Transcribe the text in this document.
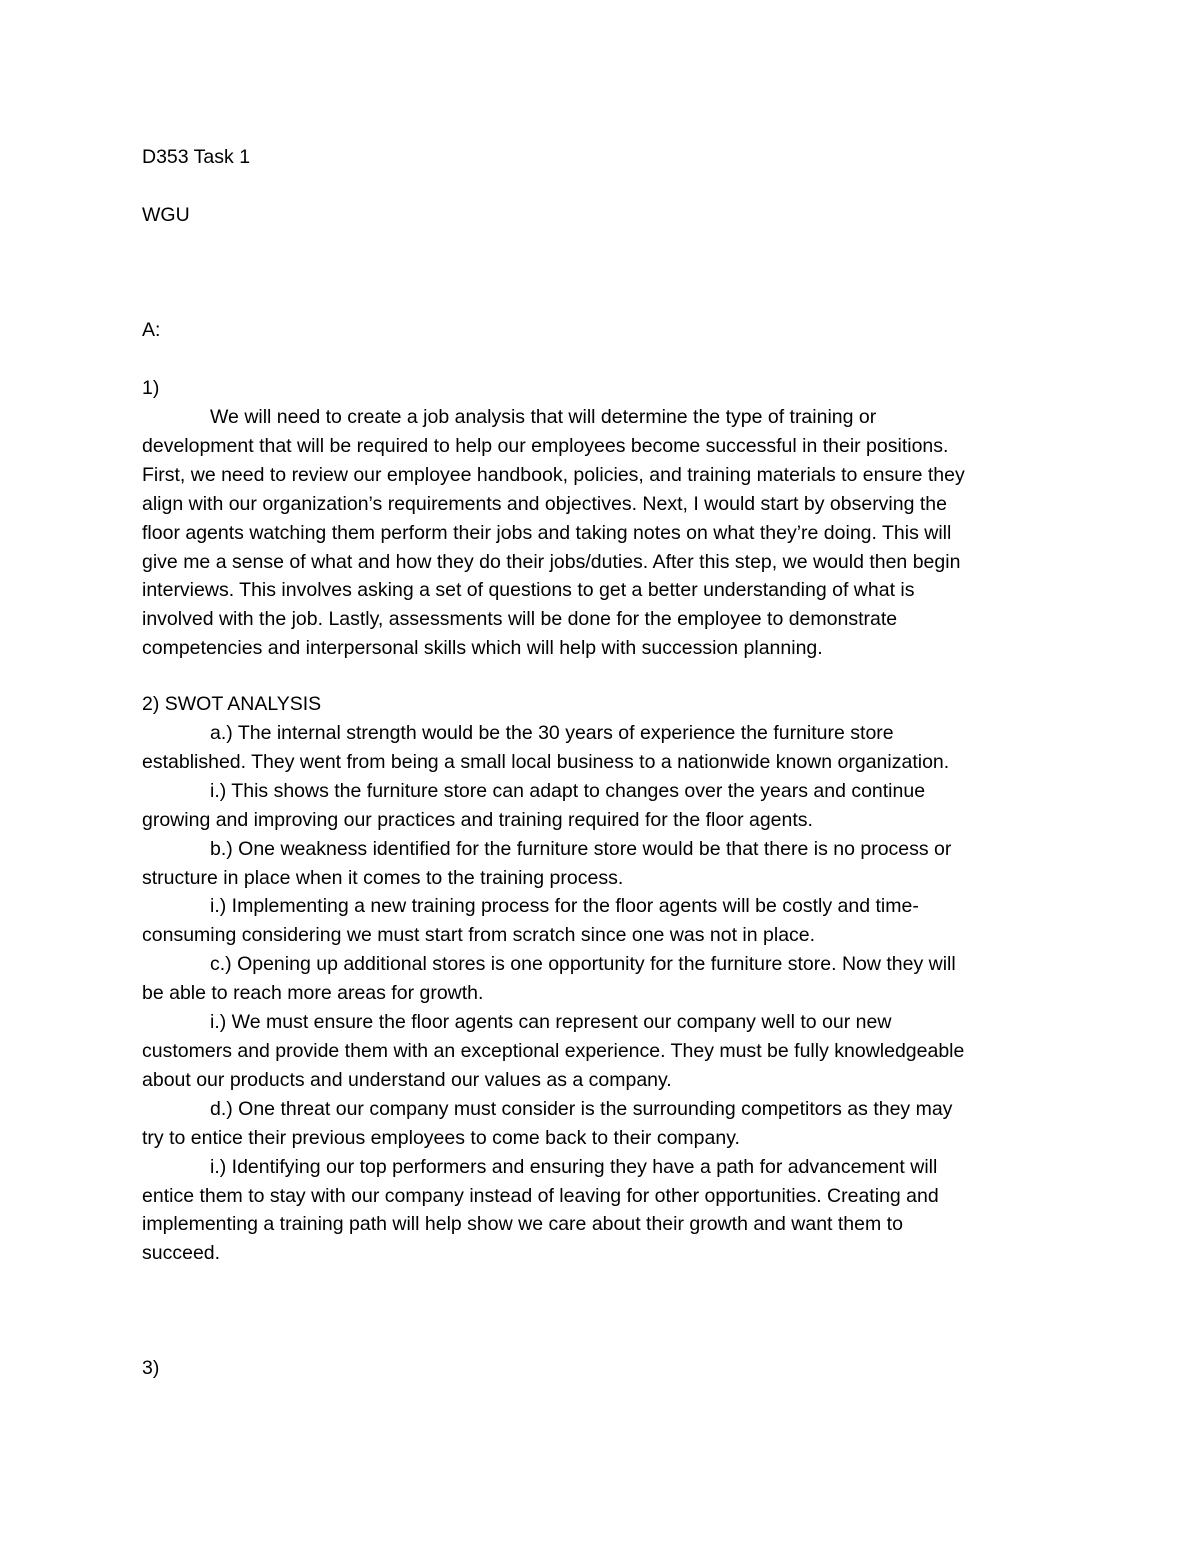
D353 Task 1
WGU
A:
1)

We will need to create a job analysis that will determine the type of training or

development that will be required to help our employees become successful in their positions.

First, we need to review our employee handbook, policies, and training materials to ensure they

align with our organization’s requirements and objectives. Next, I would start by observing the

floor agents watching them perform their jobs and taking notes on what they’re doing. This will

give me a sense of what and how they do their jobs/duties. After this step, we would then begin

interviews. This involves asking a set of questions to get a better understanding of what is

involved with the job. Lastly, assessments will be done for the employee to demonstrate

competencies and interpersonal skills which will help with succession planning.

2) SWOT ANALYSIS

a.) The internal strength would be the 30 years of experience the furniture store

established. They went from being a small local business to a nationwide known organization.

i.) This shows the furniture store can adapt to changes over the years and continue

growing and improving our practices and training required for the floor agents.

b.) One weakness identified for the furniture store would be that there is no process or

structure in place when it comes to the training process.

i.) Implementing a new training process for the floor agents will be costly and time-

consuming considering we must start from scratch since one was not in place.

c.) Opening up additional stores is one opportunity for the furniture store. Now they will

be able to reach more areas for growth.

i.) We must ensure the floor agents can represent our company well to our new

customers and provide them with an exceptional experience. They must be fully knowledgeable

about our products and understand our values as a company.

d.) One threat our company must consider is the surrounding competitors as they may

try to entice their previous employees to come back to their company.

i.) Identifying our top performers and ensuring they have a path for advancement will

entice them to stay with our company instead of leaving for other opportunities. Creating and

implementing a training path will help show we care about their growth and want them to

succeed.

3)
